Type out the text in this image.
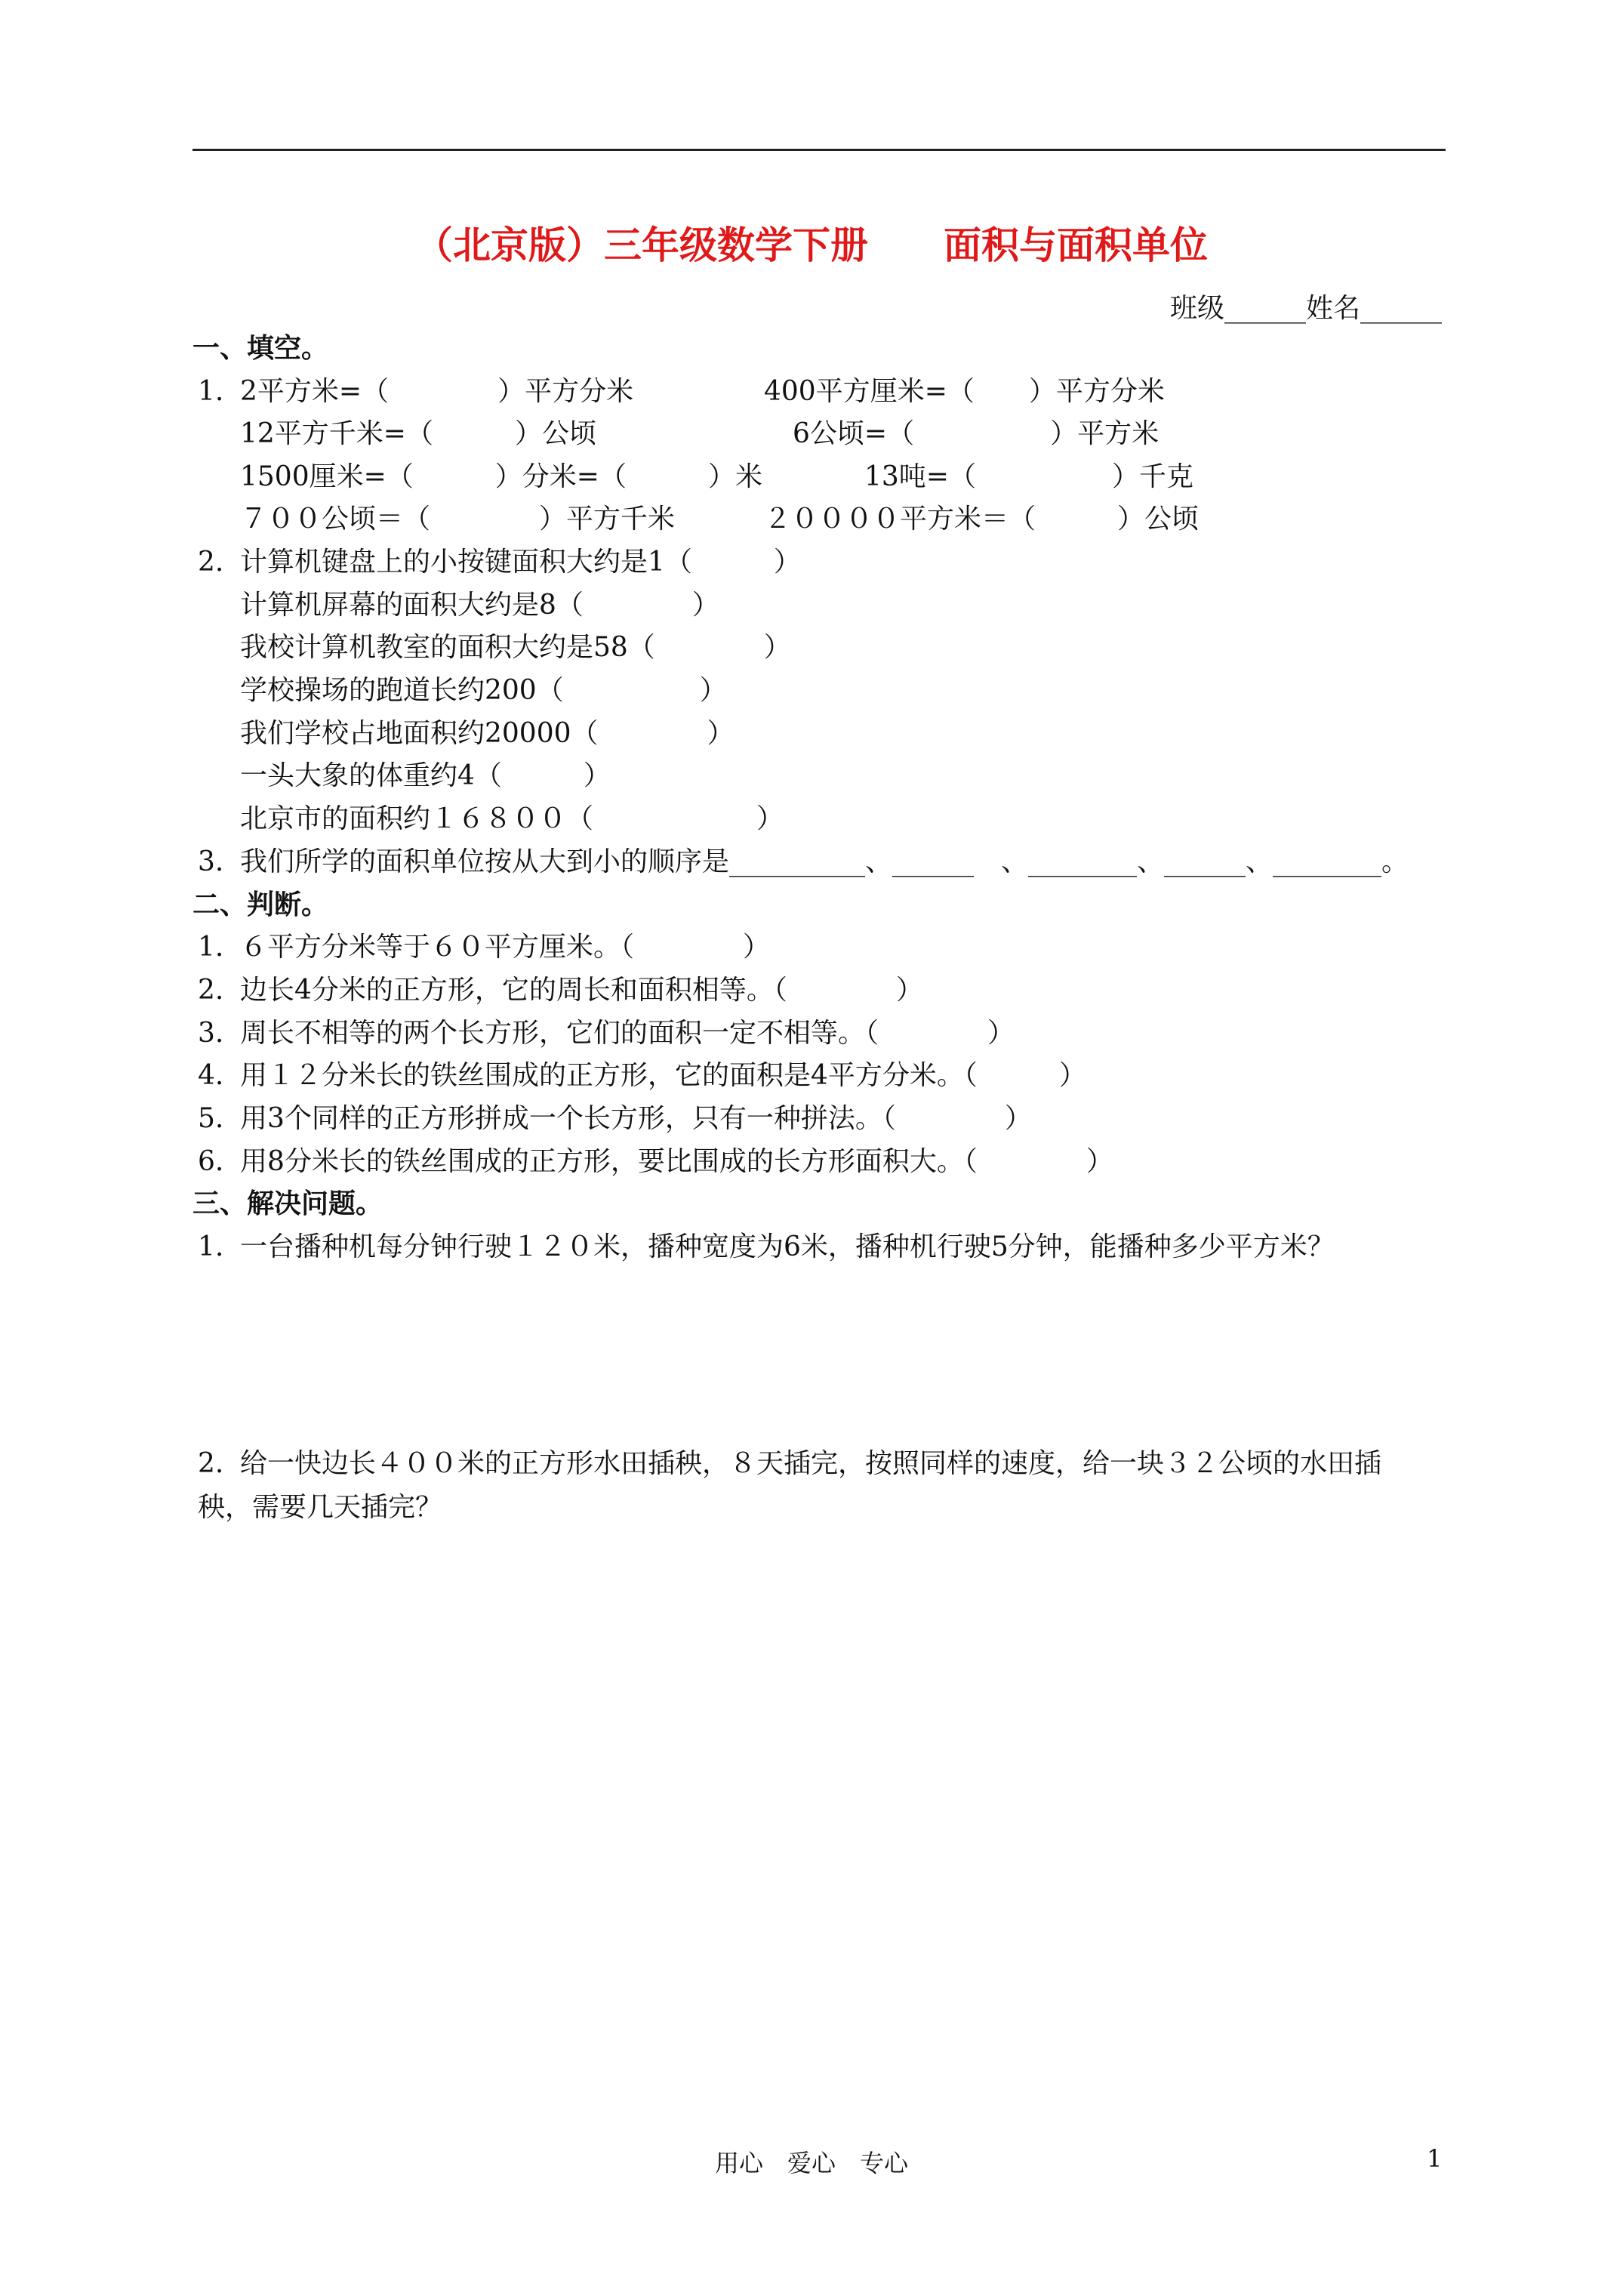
（北京版）三年级数学下册　　面积与面积单位
班级______姓名______
一、填空。
1. 2平方米=（　　　　）平方分米	400平方厘米=（　　）平方分米
12平方千米=（　　　）公顷	6公顷=（　　　　　）平方米
1500厘米=（　　　）分米=（　　　）米	13吨=（　　　　　）千克
７００公顷＝（　　　　）平方千米	２００００平方米＝（　　　）公顷
2. 计算机键盘上的小按键面积大约是1（　　　）
计算机屏幕的面积大约是8（　　　　）
我校计算机教室的面积大约是58（　　　　）
学校操场的跑道长约200（　　　　　）
我们学校占地面积约20000（　　　　）
一头大象的体重约4（　　　）
北京市的面积约１６８００（　　　　　　）
3. 我们所学的面积单位按从大到小的顺序是__________、______　、________、______、________。
二、判断。
1. ６平方分米等于６０平方厘米。（　　　　）
2. 边长4分米的正方形，它的周长和面积相等。（　　　　）
3. 周长不相等的两个长方形，它们的面积一定不相等。（　　　　）
4. 用１２分米长的铁丝围成的正方形，它的面积是4平方分米。（　　　）
5. 用3个同样的正方形拼成一个长方形，只有一种拼法。（　　　　）
6. 用8分米长的铁丝围成的正方形，要比围成的长方形面积大。（　　　　）
三、解决问题。
1. 一台播种机每分钟行驶１２０米，播种宽度为6米，播种机行驶5分钟，能播种多少平方米？
2. 给一快边长４００米的正方形水田插秧，８天插完，按照同样的速度，给一块３２公顷的水田插
秧，需要几天插完？
用心　爱心　专心	1
